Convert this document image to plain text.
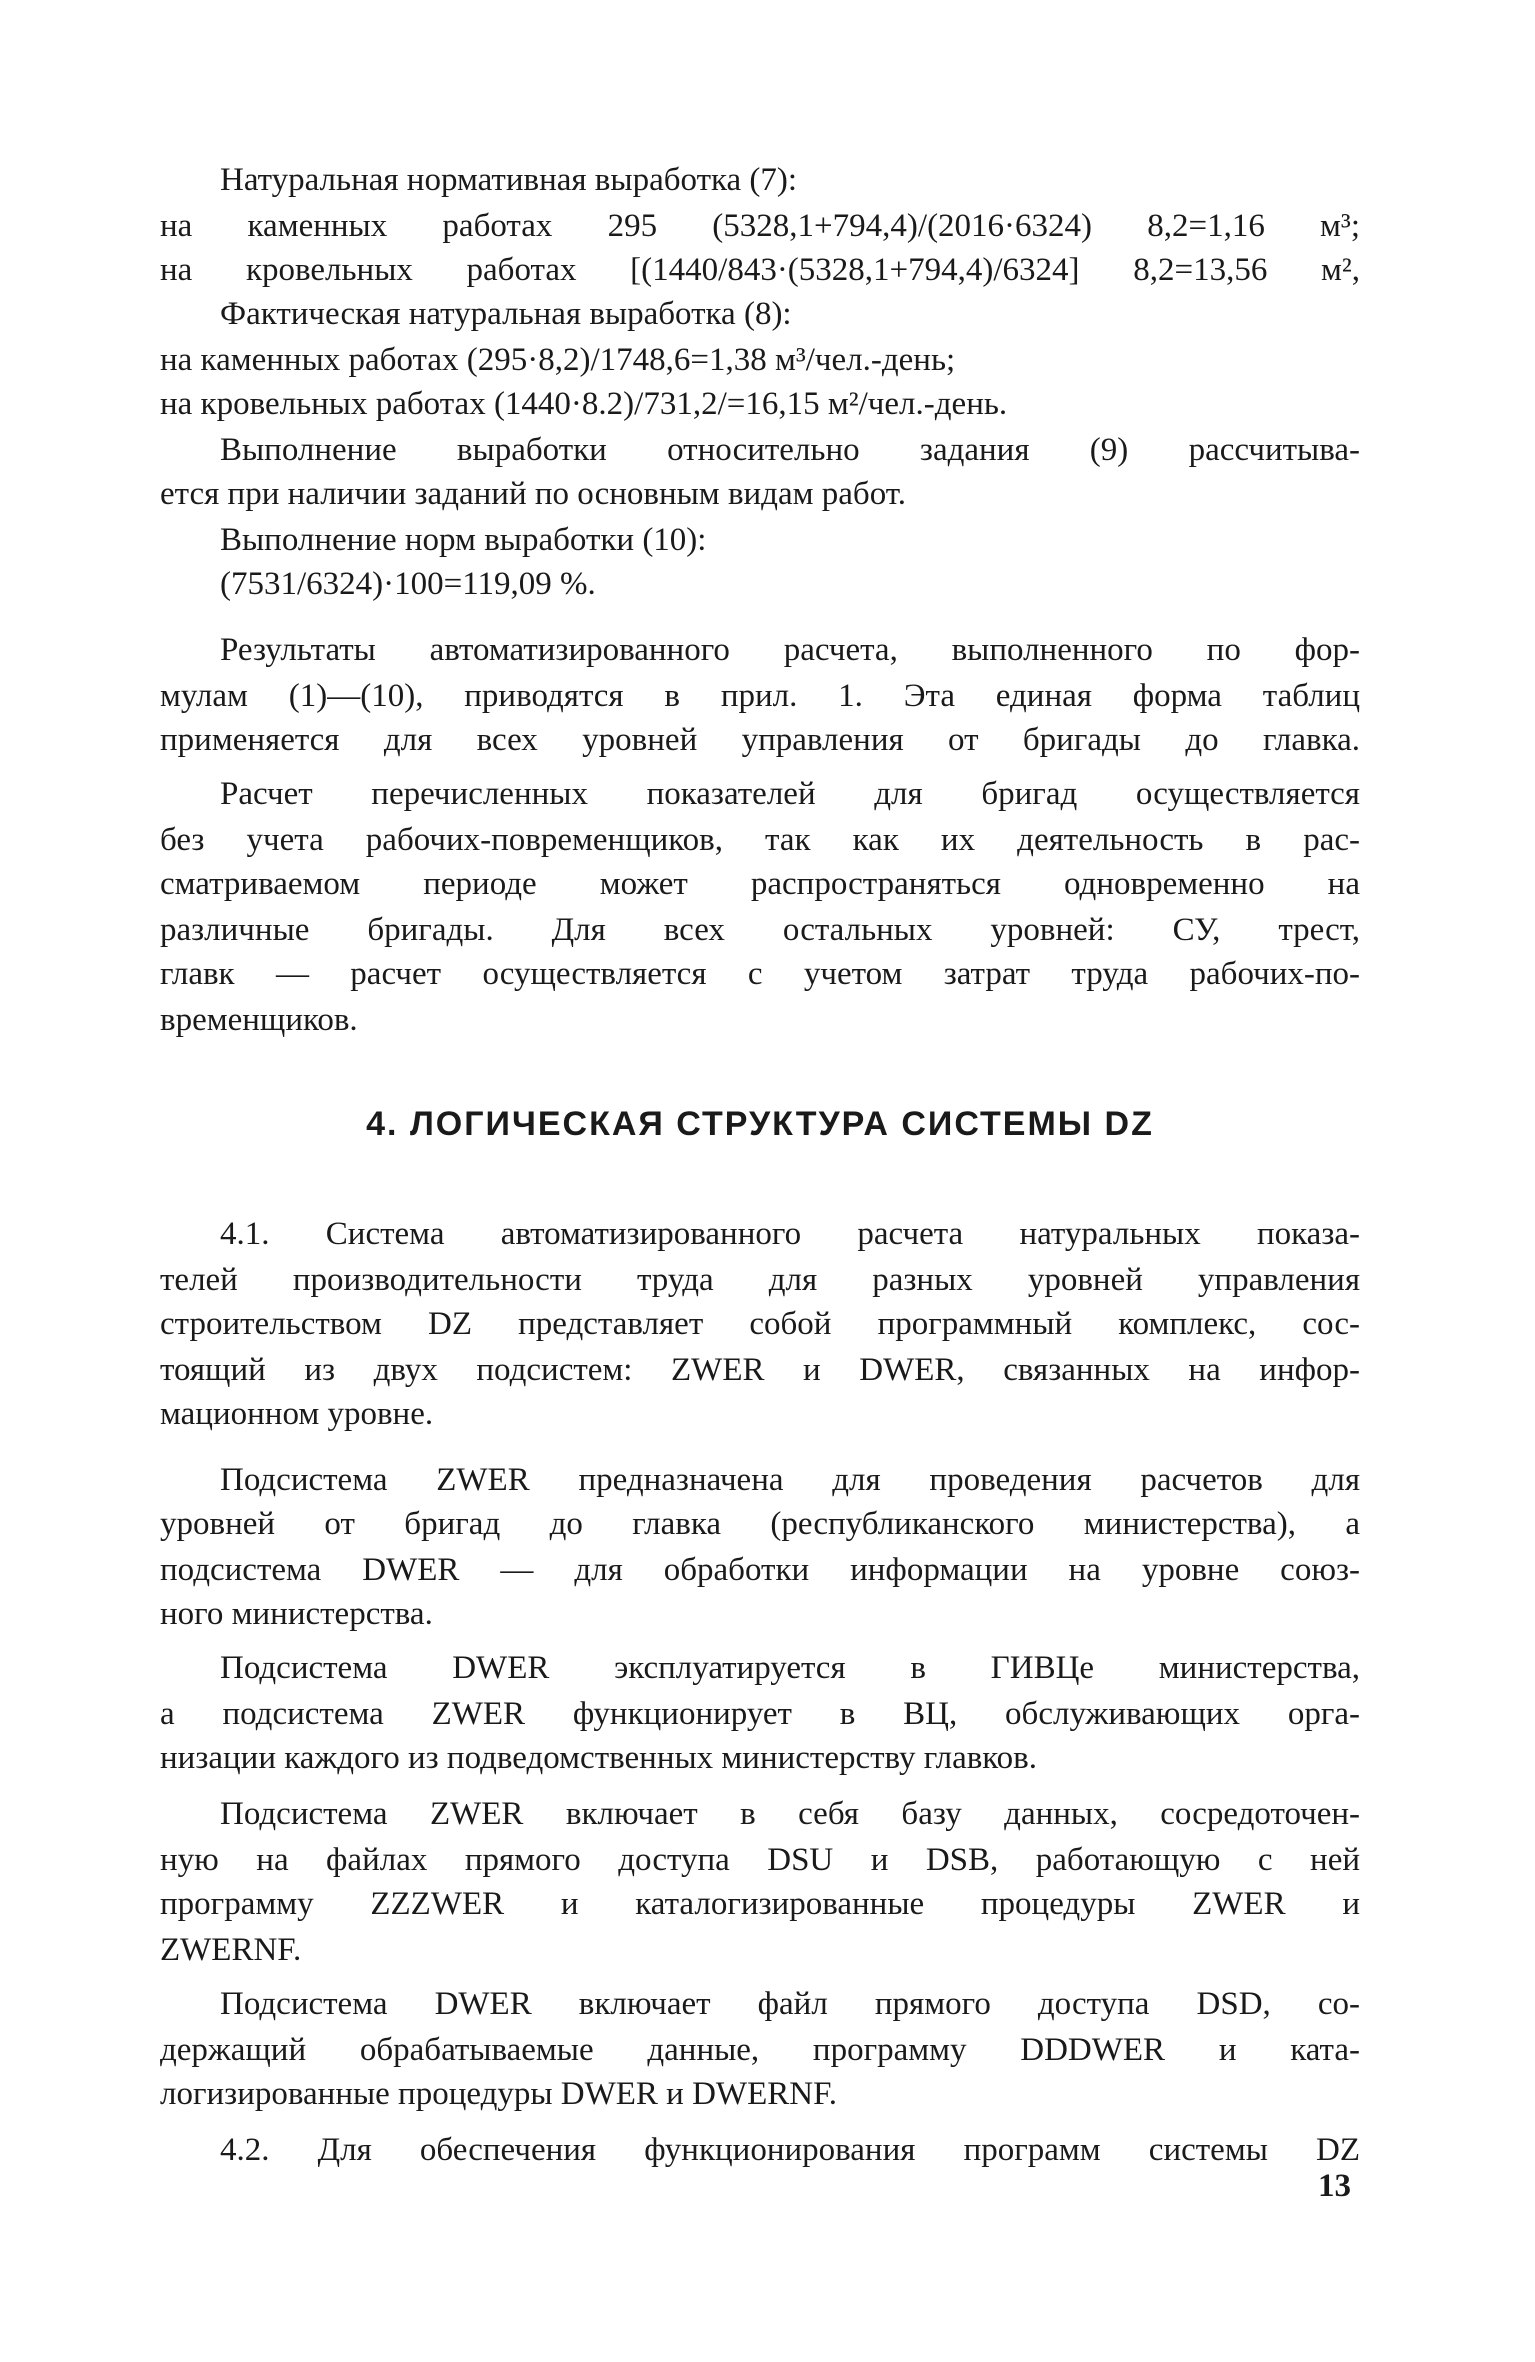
Натуральная нормативная выработка (7):
на каменных работах 295 (5328,1+794,4)/(2016·6324) 8,2=1,16 м³;
на кровельных работах [(1440/843·(5328,1+794,4)/6324] 8,2=13,56 м²,
Фактическая натуральная выработка (8):
на каменных работах (295·8,2)/1748,6=1,38 м³/чел.-день;
на кровельных работах (1440·8.2)/731,2/=16,15 м²/чел.-день.
Выполнение выработки относительно задания (9) рассчитыва-
ется при наличии заданий по основным видам работ.
Выполнение норм выработки (10):
(7531/6324)·100=119,09 %.
Результаты автоматизированного расчета, выполненного по фор-
мулам (1)—(10), приводятся в прил. 1. Эта единая форма таблиц
применяется для всех уровней управления от бригады до главка.
Расчет перечисленных показателей для бригад осуществляется
без учета рабочих-повременщиков, так как их деятельность в рас-
сматриваемом периоде может распространяться одновременно на
различные бригады. Для всех остальных уровней: СУ, трест,
главк — расчет осуществляется с учетом затрат труда рабочих-по-
временщиков.
4. ЛОГИЧЕСКАЯ СТРУКТУРА СИСТЕМЫ DZ
4.1. Система автоматизированного расчета натуральных показа-
телей производительности труда для разных уровней управления
строительством DZ представляет собой программный комплекс, сос-
тоящий из двух подсистем: ZWER и DWER, связанных на инфор-
мационном уровне.
Подсистема ZWER предназначена для проведения расчетов для
уровней от бригад до главка (республиканского министерства), а
подсистема DWER — для обработки информации на уровне союз-
ного министерства.
Подсистема DWER эксплуатируется в ГИВЦе министерства,
а подсистема ZWER функционирует в ВЦ, обслуживающих орга-
низации каждого из подведомственных министерству главков.
Подсистема ZWER включает в себя базу данных, сосредоточен-
ную на файлах прямого доступа DSU и DSB, работающую с ней
программу ZZZWER и каталогизированные процедуры ZWER и
ZWERNF.
Подсистема DWER включает файл прямого доступа DSD, со-
держащий обрабатываемые данные, программу DDDWER и ката-
логизированные процедуры DWER и DWERNF.
4.2. Для обеспечения функционирования программ системы DZ
13
